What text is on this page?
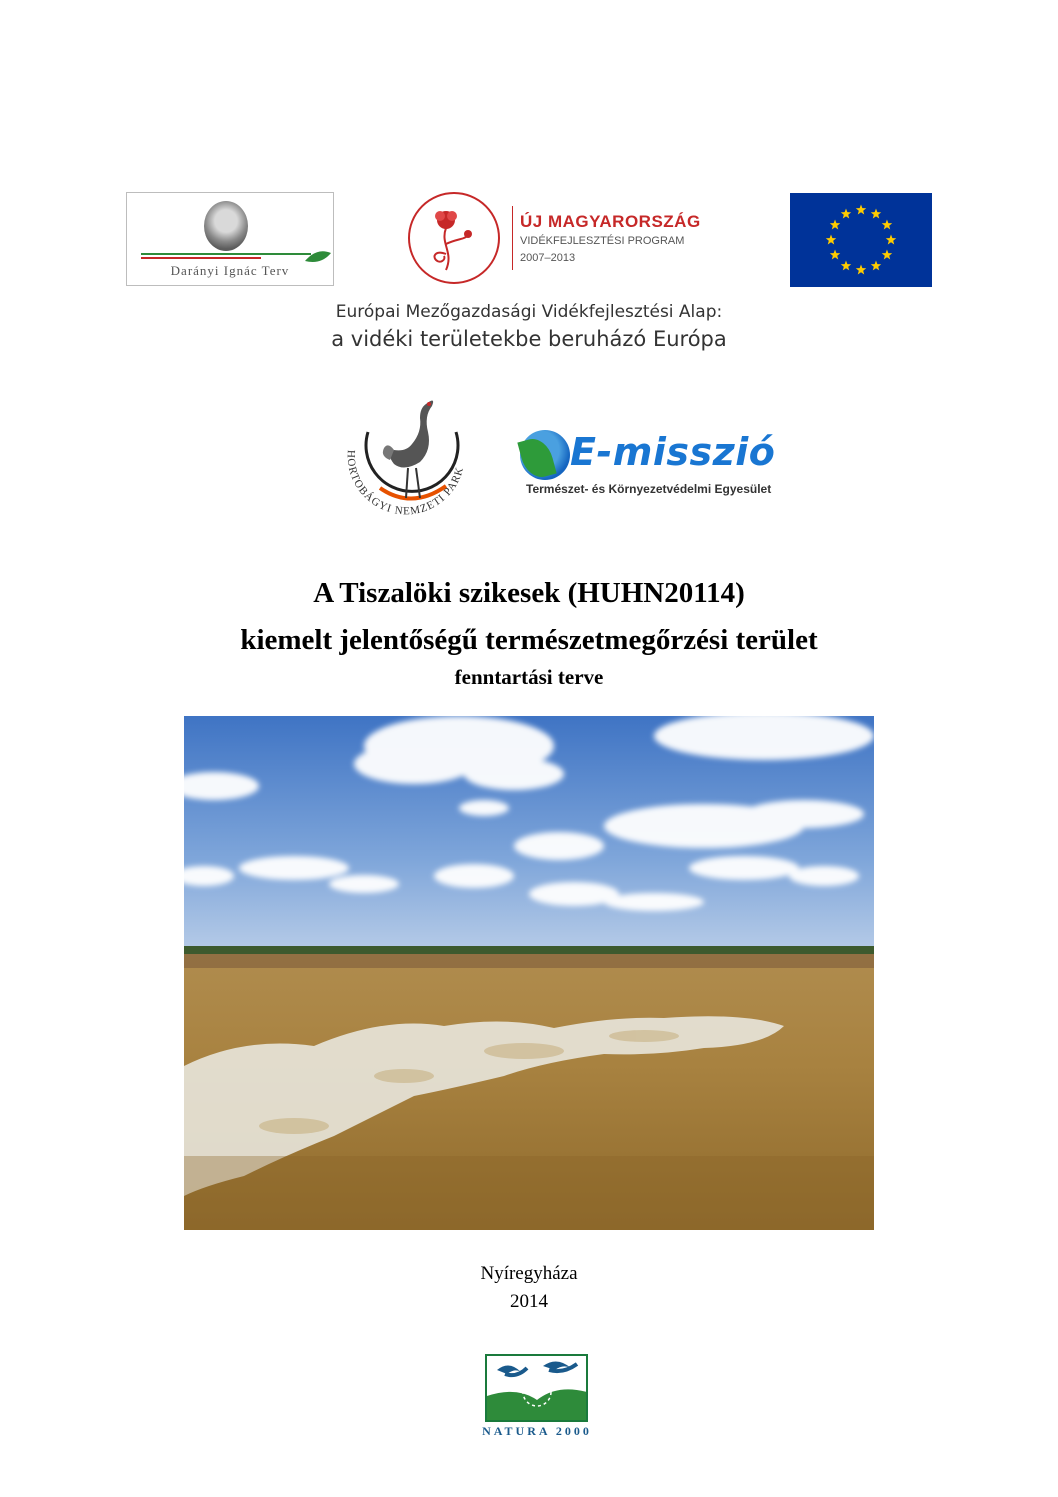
Darányi Ignác Terv
ÚJ MAGYARORSZÁG
VIDÉKFEJLESZTÉSI PROGRAM
2007–2013
Európai Mezőgazdasági Vidékfejlesztési Alap:
a vidéki területekbe beruházó Európa
HORTOBÁGYI NEMZETI PARK	E-misszió
Természet- és Környezetvédelmi Egyesület
A Tiszalöki szikesek (HUHN20114)
kiemelt jelentőségű természetmegőrzési terület
fenntartási terve
Nyíregyháza
2014
NATURA 2000
